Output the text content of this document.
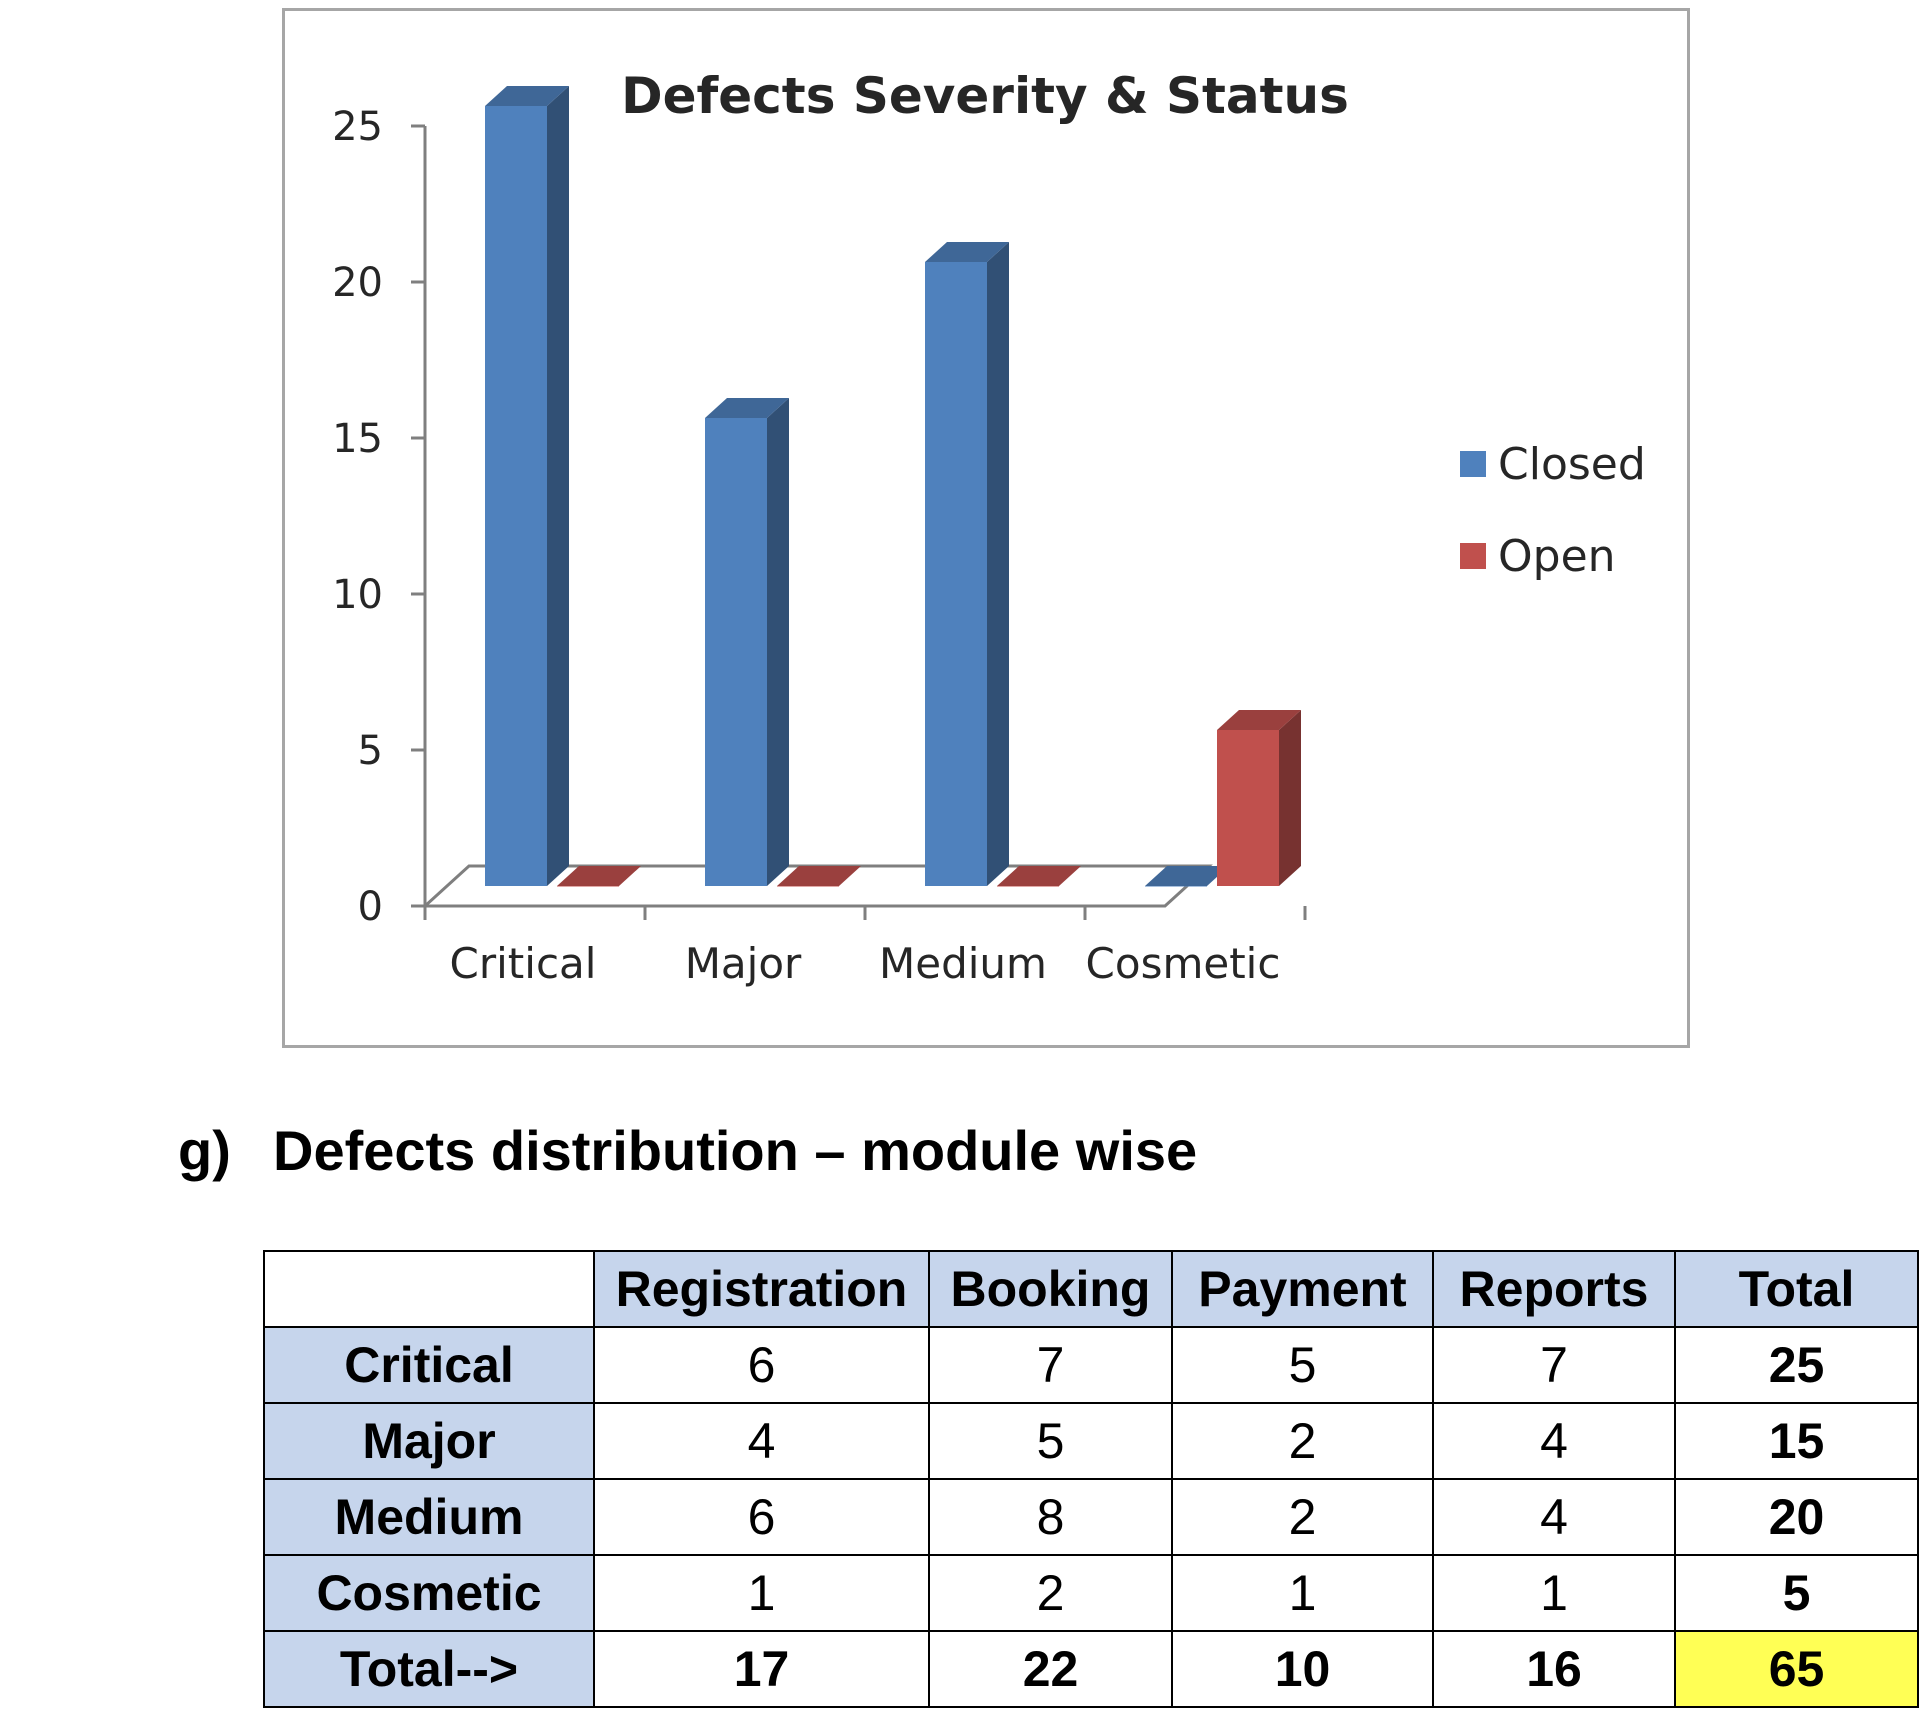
Defects Severity & Status
0
5
10
15
20
25
Critical Major Medium Cosmetic
Closed
Open
g) Defects distribution – module wise
	Registration	Booking	Payment	Reports	Total
Critical	6	7	5	7	25
Major	4	5	2	4	15
Medium	6	8	2	4	20
Cosmetic	1	2	1	1	5
Total-->	17	22	10	16	65
